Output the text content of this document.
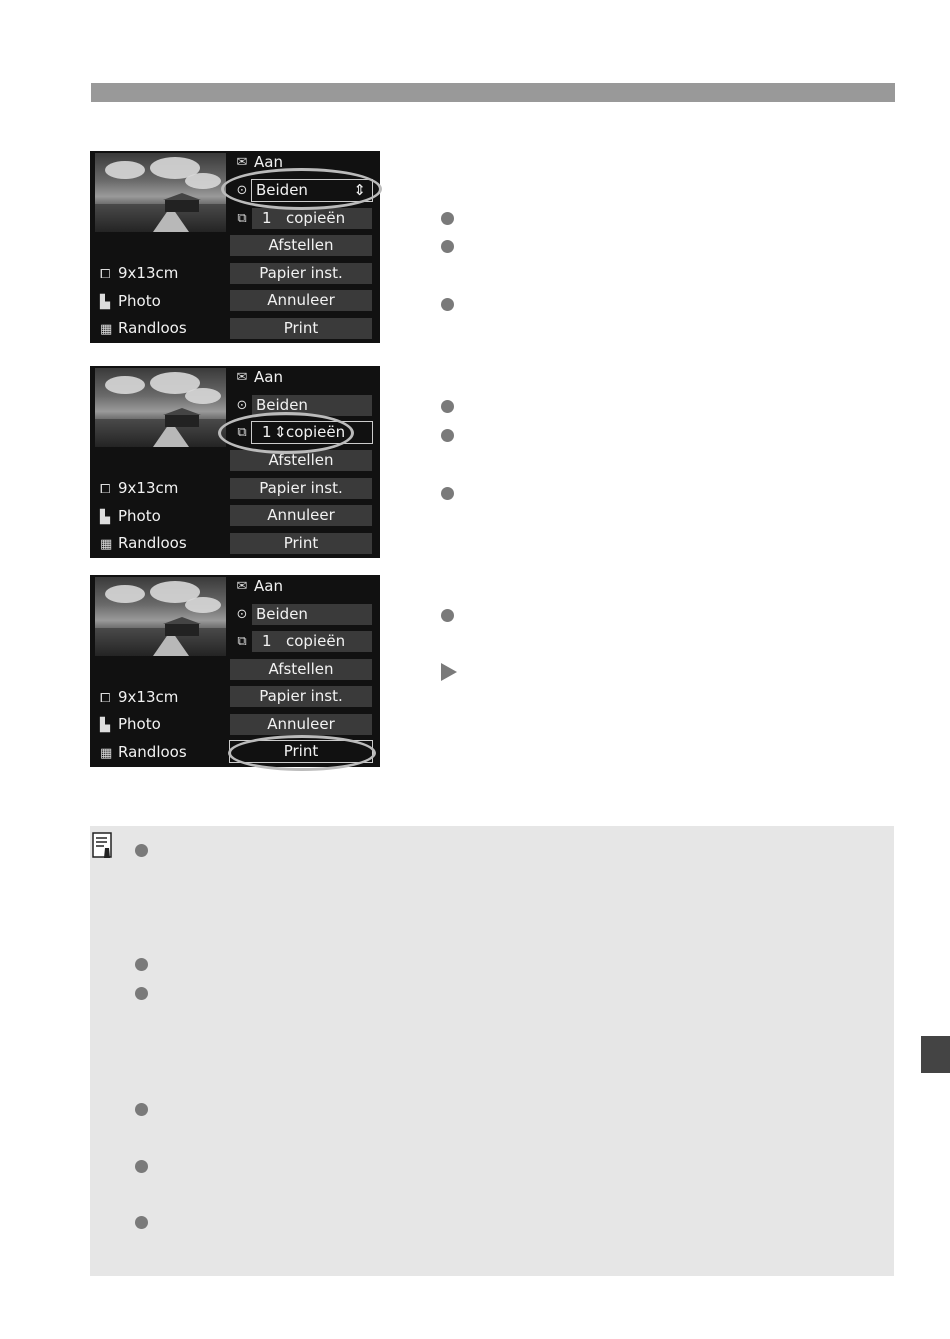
✉ Aan
⊙ Beiden	⇕
⧉	1 copieën
Afstellen
Papier inst.
Annuleer
Print
⧠ 9x13cm
▙ Photo
▦ Randloos
✉ Aan
⊙ Beiden
⧉	1 ⇕ copieën
Afstellen
Papier inst.
Annuleer
Print
⧠ 9x13cm
▙ Photo
▦ Randloos
✉ Aan
⊙ Beiden
⧉	1 copieën
Afstellen
Papier inst.
Annuleer
Print
⧠ 9x13cm
▙ Photo
▦ Randloos
